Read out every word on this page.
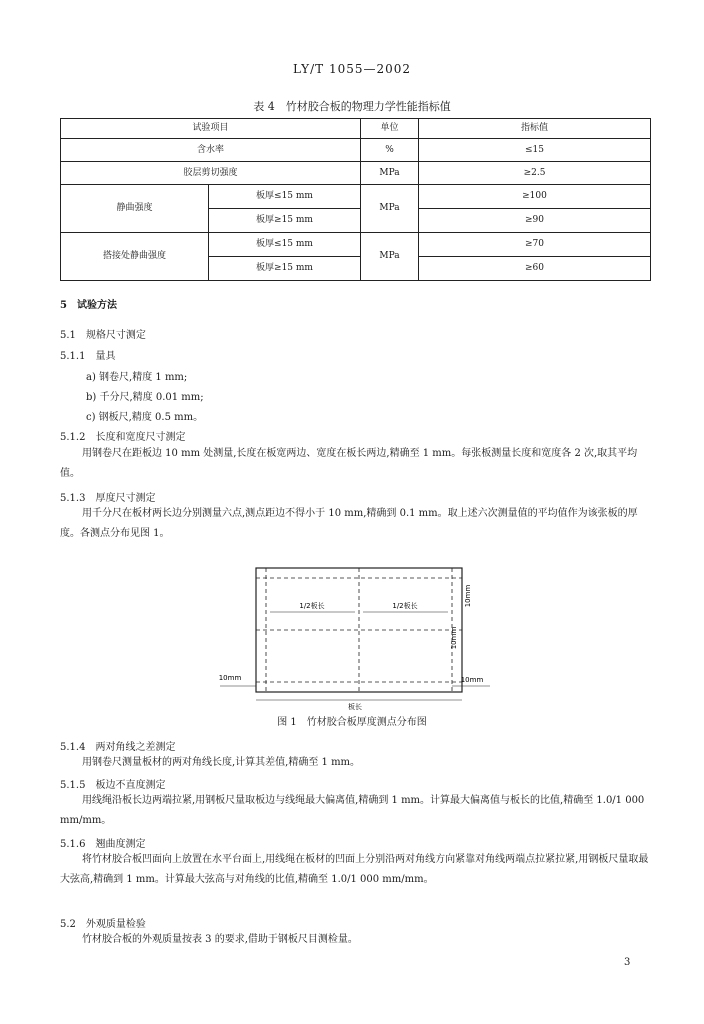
LY/T 1055—2002
表 4　竹材胶合板的物理力学性能指标值
试验项目		单位	指标值
含水率		%	≤15
胶层剪切强度		MPa	≥2.5
静曲强度	板厚≤15 mm	MPa	≥100
	板厚≥15 mm		≥90
搭接处静曲强度	板厚≤15 mm	MPa	≥70
	板厚≥15 mm		≥60
5　试验方法
5.1　规格尺寸测定
5.1.1　量具
a) 钢卷尺,精度 1 mm;
b) 千分尺,精度 0.01 mm;
c) 钢板尺,精度 0.5 mm。
5.1.2　长度和宽度尺寸测定
用钢卷尺在距板边 10 mm 处测量,长度在板宽两边、宽度在板长两边,精确至 1 mm。每张板测量长度和宽度各 2 次,取其平均值。
5.1.3　厚度尺寸测定
用千分尺在板材两长边分别测量六点,测点距边不得小于 10 mm,精确到 0.1 mm。取上述六次测量值的平均值作为该张板的厚度。各测点分布见图 1。
1/2板长	1/2板长	10mm
10mm
10mm
板长
10mm
图 1　竹材胶合板厚度测点分布图
5.1.4　两对角线之差测定
用钢卷尺测量板材的两对角线长度,计算其差值,精确至 1 mm。
5.1.5　板边不直度测定
用线绳沿板长边两端拉紧,用钢板尺量取板边与线绳最大偏离值,精确到 1 mm。计算最大偏离值与板长的比值,精确至 1.0/1 000 mm/mm。
5.1.6　翘曲度测定
将竹材胶合板凹面向上放置在水平台面上,用线绳在板材的凹面上分别沿两对角线方向紧靠对角线两端点拉紧拉紧,用钢板尺量取最大弦高,精确到 1 mm。计算最大弦高与对角线的比值,精确至 1.0/1 000 mm/mm。
5.2　外观质量检验
竹材胶合板的外观质量按表 3 的要求,借助于钢板尺目测检量。
3
